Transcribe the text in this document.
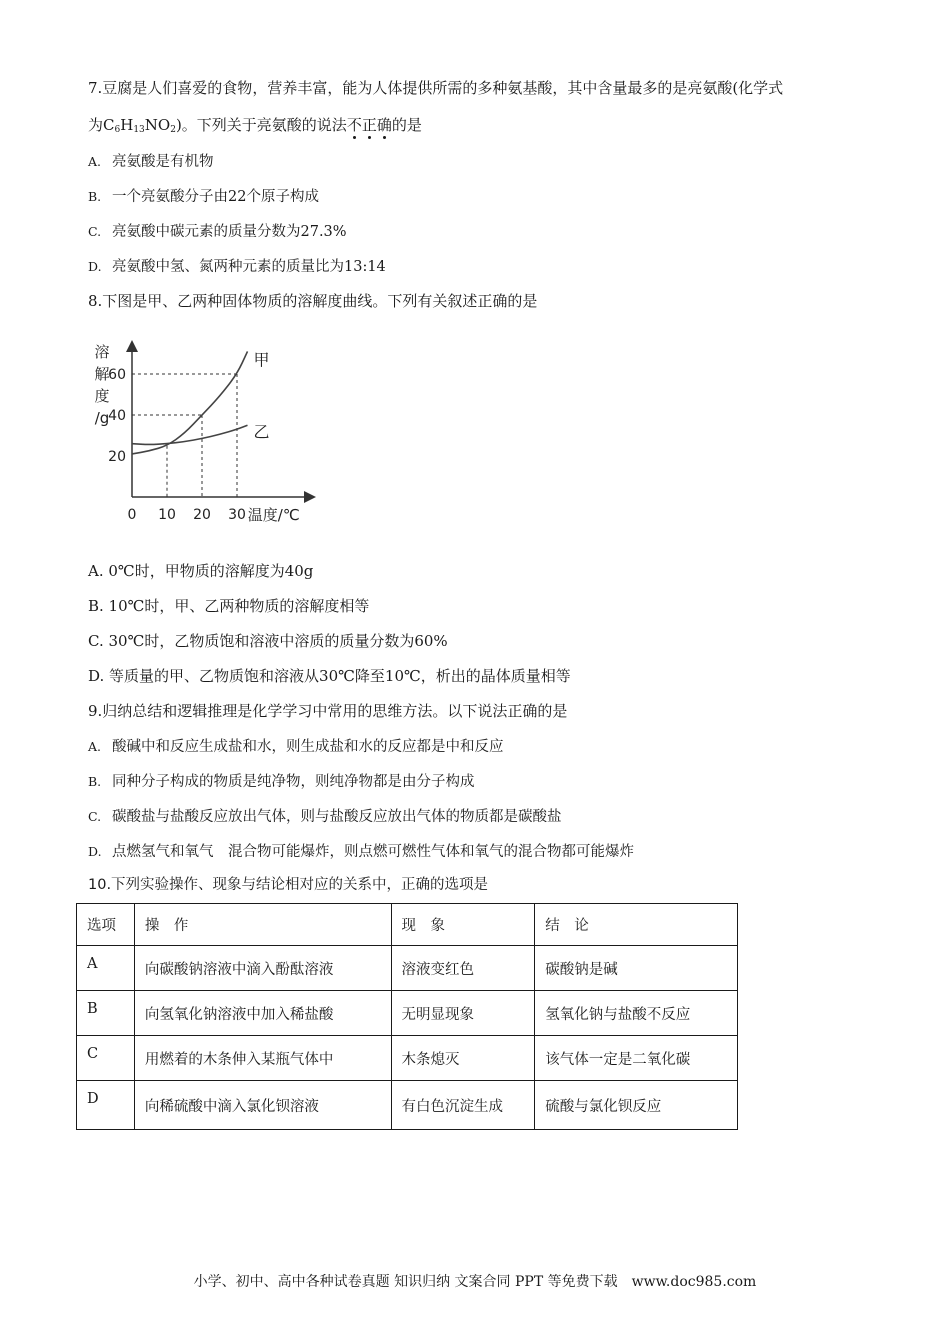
7.豆腐是人们喜爱的食物，营养丰富，能为人体提供所需的多种氨基酸，其中含量最多的是亮氨酸(化学式
为$C_6H_{13}NO_2$)。下列关于亮氨酸的说法不正确的是
A. 亮氨酸是有机物
B. 一个亮氨酸分子由22个原子构成
C. 亮氨酸中碳元素的质量分数为27.3%
D. 亮氨酸中氢、氮两种元素的质量比为13:14
8.下图是甲、乙两种固体物质的溶解度曲线。下列有关叙述正确的是
溶
解
度
/g
20
40
60
0 10 20 30 温度/℃
甲
乙
A. 0℃时，甲物质的溶解度为40g
B. 10℃时，甲、乙两种物质的溶解度相等
C. 30℃时，乙物质饱和溶液中溶质的质量分数为60%
D. 等质量的甲、乙物质饱和溶液从30℃降至10℃，析出的晶体质量相等
9.归纳总结和逻辑推理是化学学习中常用的思维方法。以下说法正确的是
A. 酸碱中和反应生成盐和水，则生成盐和水的反应都是中和反应
B. 同种分子构成的物质是纯净物，则纯净物都是由分子构成
C. 碳酸盐与盐酸反应放出气体，则与盐酸反应放出气体的物质都是碳酸盐
D. 点燃氢气和氧气　混合物可能爆炸，则点燃可燃性气体和氧气的混合物都可能爆炸
10.下列实验操作、现象与结论相对应的关系中，正确的选项是
选项	操　作	现　象	结　论
A	向碳酸钠溶液中滴入酚酞溶液	溶液变红色	碳酸钠是碱
B	向氢氧化钠溶液中加入稀盐酸	无明显现象	氢氧化钠与盐酸不反应
C	用燃着的木条伸入某瓶气体中	木条熄灭	该气体一定是二氧化碳
D	向稀硫酸中滴入氯化钡溶液	有白色沉淀生成	硫酸与氯化钡反应
小学、初中、高中各种试卷真题 知识归纳 文案合同 PPT 等免费下载　www.doc985.com
